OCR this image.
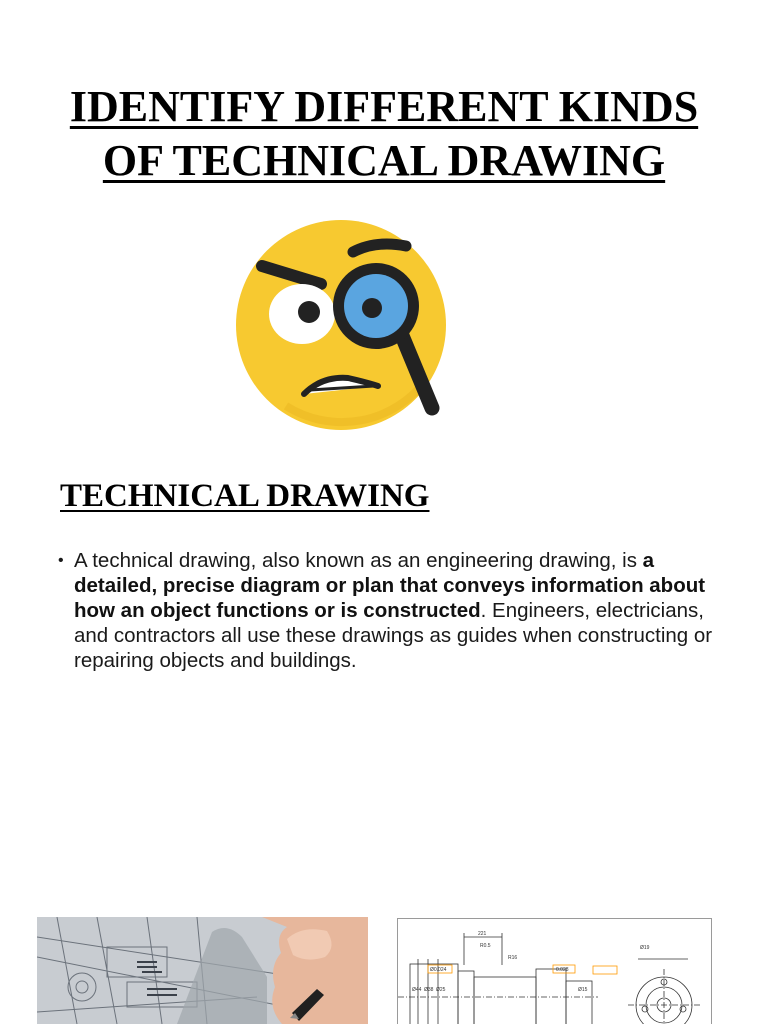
IDENTIFY DIFFERENT KINDS
OF TECHNICAL DRAWING
TECHNICAL DRAWING
• A technical drawing, also known as an engineering drawing, is a detailed, precise diagram or plan that conveys information about how an object functions or is constructed. Engineers, electricians, and contractors all use these drawings as guides when constructing or repairing objects and buildings.
221
R0.5
R16
Ø0.024
Ø44 Ø38 Ø25	Ø15
0.028
Ø19
